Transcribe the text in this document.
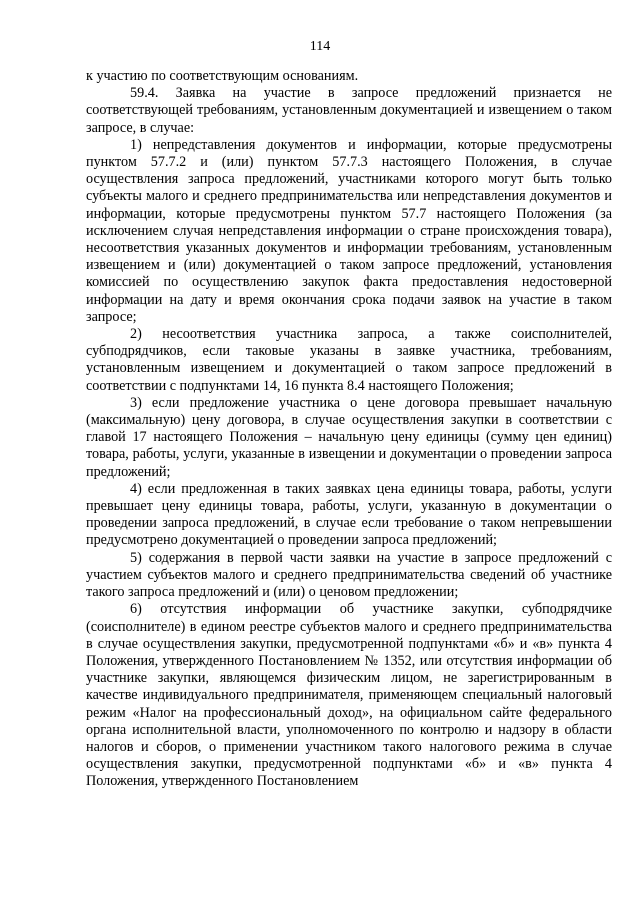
114

к участию по соответствующим основаниям.

59.4. Заявка на участие в запросе предложений признается не соответствующей требованиям, установленным документацией и извещением о таком запросе, в случае:

1) непредставления документов и информации, которые предусмотрены пунктом 57.7.2 и (или) пунктом 57.7.3 настоящего Положения, в случае осуществления запроса предложений, участниками которого могут быть только субъекты малого и среднего предпринимательства или непредставления документов и информации, которые предусмотрены пунктом 57.7 настоящего Положения (за исключением случая непредставления информации о стране происхождения товара), несоответствия указанных документов и информации требованиям, установленным извещением и (или) документацией о таком запросе предложений, установления комиссией по осуществлению закупок факта предоставления недостоверной информации на дату и время окончания срока подачи заявок на участие в таком запросе;

2) несоответствия участника запроса, а также соисполнителей, субподрядчиков, если таковые указаны в заявке участника, требованиям, установленным извещением и документацией о таком запросе предложений в соответствии с подпунктами 14, 16 пункта 8.4 настоящего Положения;

3) если предложение участника о цене договора превышает начальную (максимальную) цену договора, в случае осуществления закупки в соответствии с главой 17 настоящего Положения – начальную цену единицы (сумму цен единиц) товара, работы, услуги, указанные в извещении и документации о проведении запроса предложений;

4) если предложенная в таких заявках цена единицы товара, работы, услуги превышает цену единицы товара, работы, услуги, указанную в документации о проведении запроса предложений, в случае если требование о таком непревышении предусмотрено документацией о проведении запроса предложений;

5) содержания в первой части заявки на участие в запросе предложений с участием субъектов малого и среднего предпринимательства сведений об участнике такого запроса предложений и (или) о ценовом предложении;

6) отсутствия информации об участнике закупки, субподрядчике (соисполнителе) в едином реестре субъектов малого и среднего предпринимательства в случае осуществления закупки, предусмотренной подпунктами «б» и «в» пункта 4 Положения, утвержденного Постановлением № 1352, или отсутствия информации об участнике закупки, являющемся физическим лицом, не зарегистрированным в качестве индивидуального предпринимателя, применяющем специальный налоговый режим «Налог на профессиональный доход», на официальном сайте федерального органа исполнительной власти, уполномоченного по контролю и надзору в области налогов и сборов, о применении участником такого налогового режима в случае осуществления закупки, предусмотренной подпунктами «б» и «в» пункта 4 Положения, утвержденного Постановлением
